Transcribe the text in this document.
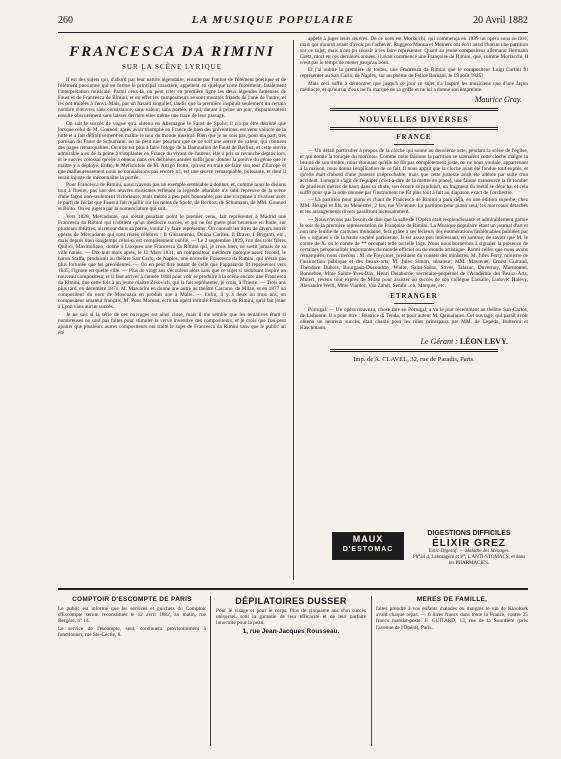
260	LA MUSIQUE POPULAIRE	20 Avril 1882
FRANCESCA DA RIMINI
SUR LA SCÈNE LYRIQUE

Il est des sujets qui, d'abord par leur nature légendaire, ensuite par l'union de l'élément poétique et de l'élément passionné qui en forme le principal caractère, appellent en quelque sorte forcément, fatalement l'interprétation musicale. Parmi ceux-là, on peut citer en première ligne les deux légendes fameuses de Faust et de Francesca de Rimini, et en effet les compositeurs se sont montrés friands de l'une de l'autre, et les ont traitées à l'envi. Mais, par un hasard singulier, tandis que la première inspirait seulement un certain nombre d'œuvres sans consistance, sans valeur, sans portée, et qui, durant à peine un jour, disparaissaient ensuite obscurément sans laisser derrière elles même une trace de leur passage.

On sait le succès de vogue qu'a obtenu en Allemagne le Faust de Spohr; il n'a pu être détrôné que lorsque celui de M. Gounod, après avoir triomphé en France de bien des préventions, est venu vaincre de la lutte et a fait définitivement en maître le tour du monde musical. Bien que je ne sois pas, pour ma part, très partisan du Faust de Schumann, on ne peut nier pourtant que ce ne soit une œuvre de valeur, qui contient des pages remarquables. On n'en est plus à faire l'éloge de la Damnation de Faust de Berlioz, et cette œuvre admirable a eu de la peine à s'implanter en France du vivant de l'auteur, elle a pris sa revanche depuis lors, et le succès colossal qu'elle a obtenu dans ces dernières années suffit pour donner la preuve du génie que le maître y a déployé. Enfin, le Mefistofele de M. Arrigo Boito, qui est en train de faire son tour d'Europe et que malheureusement nous ne connaissons pas encore ici, est une œuvre remarquable, puissante, et dont il serait injuste de méconnaître la portée.

Pour Francesca de Rimini, nous n'avons pas un exemple semblable à donner, et, comme nous le disions tout à l'heure, pas une des œuvres musicales reflétant la légende adorable n'a subi l'épreuve de la scène d'une façon non-seulement victorieuse, mais même à peu près honorable, pas une n'a pensé à rivaliser avec le parti de l'éclat que Faust a fait rejaillir sur les noms de Spohr, de Berlioz, de Schumann, de MM. Gounod et Boïto. On en jugera par la nomenclature qui suit.

Vers 1828, Mercadante, qui n'était pourtant point le premier venu, fait représenter à Madrid une Francesca da Rimini qui n'obtient qu'un médiocre succès, et qui ne fut guère plus heureuse en Italie, sur plusieurs théâtres, au retour dans sa patrie, voulut l'y faire représenter. On connaît les titres de divers autres opéras de Mercadante qui sont restés célèbres : Il Giuramento, Donna Caritea, Il Bravo, I Briganti, etc., mais depuis bien longtemps celui-ci est complètement oublié. — Le 2 septembre 1829, l'un des trois frères Quilici, Maximiliano, donne à Lucques une Francesca da Rimini qui, je crois bien, ne sortit jamais de sa ville natale. — Dix-huit mois après, le 12 Mars 1831, un compositeur médiocre quoique assez fécond, le baron Staffa, produisait au théâtre San Carlo, de Naples, une nouvelle Francesca da Rimini, qui n'était pas plus fortunée que les précédentes. — On en peut dire autant de celle que Pappalardo fit représenter vers 1845, l'ignore en quelle ville. — Plus de vingt ans s'écoulent alors sans que ce sujet si séduisant inspire un nouveau compositeur, et il faut arriver à l'année 1868 pour voir se produire à la scène encore une Francesca da Rimini, due cette fois à un jeune maître Zesovich, qui la fait représenter, je crois, à Trieste. — Trois ans plus tard, en décembre 1871, M. Marcarini en donne une autre au théâtre Carcano, de Milan, et en 1877 un compositeur du nom de Moscuzza en produit une à Malte. — Enfin, il y a deux ou trois ans, un compositeur amateur français, M. Pons Moreau, écrit un opéra intitulé Francesca da Rimini, qu'il fait jouer à Lyon vans aucun succès.

Je ne sais si la série de ces ouvrages est ainsi close, mais il me semble que les tentatives étant si nombreuses ne sont pas faites pour stimuler la verve inventive des compositeurs, et je crois que l'on peut ajouter que plusieurs autres compositeurs ont traité le sujet de Francesca da Rimini sans que le public ait été

appelé à juger leurs œuvres. De ce nom est Morlacchi, qui commença en 1839 un opéra sous ce titre, mais qui mourut avant d'avoir pu l'achever. Ruggero Manna et Meiners ont écrit aussi chacun une partition sur ce sujet, mais n'ont pu réussir à les faire représenter. Quant au jeune compositeur allemand Hermann Gœtz, mort en ces dernières années, il avait commencé une Françoise de Rimini, que, comme Morlacchi, il n'eut pas le temps de mener jusqu'au bout.

Et j'ai oublié la première de toutes, une Francesca da Rimini que le compositeur Luigi Carlini fit représenter au San Carlo, de Naples, sur un poème de Felice Romani, le 19 août 1825!

Mais ceci suffit à démontrer que jusqu'à ce jour ce sujet n'a inspiré les musiciens que d'une façon médiocre, et qu'aucun d'eux ne l'a marqué de sa griffe et ne lui a donné son empreinte.

Maurice Gray.
NOUVELLES DIVERSES
FRANCE

— Un détail particulier à propos de la cloche qui sonne au deuxième acte, pendant la scène de l'église, et qui donne la tonique du morceau. Comme nous faisions la partition se sonnaient cette cloche malgré la beauté de son timbre, nous étonnant qu'elle ne fût pas complètement juste, on ne nous voulaie, appartenant à la maison, nous donna l'explication de ce fait. Il nous apprit que la cloche avait été fondue tout exprès, et qu'elle était d'abord d'une justesse irréprochable, mais que cette justesse avait été altérée par suite d'un accident. Lorsqu'il s'agit de l'équiper (c'est-à-dire de la mettre en place), une fausse manœuvre la fit tomber de plusieurs mètres de haut; dans sa chute, son écorce se produisit, un fragment du métal se détacha, et cela suffit pour que la note donnée par l'instrument ne fût plus tout à fait au diapason exact de l'orchestre.

— La partition pour piano et chant de Francesca de Rimini a paru déjà, en une édition superbe, chez MM. Heugel et fils, au Ménestrel, 2 bis, rue Vivienne. La partition pour piano seul, les morceaux détachés et les arrangements divers paraîtront incessamment.

— Nous n'avons pas besoin de dire que la salle de l'Opéra était resplendissante et admirablement garnie le soir de la première représentation de Françoise de Rimini. La Musique populaire étant un journal d'art et non une feuille de caravaes mondaine, fera grâce à ses lecteurs des énumérations fashionables publiées par les « organes » de la haute société parisienne. Il est assez peu intéressant, en somme, de savoir que M. le comte de X. ou le comte de ** occupait telle ou telle loge. Nous nous bornerons à signaler la présence de certaines personnalités importantes du monde officiel ou du monde artistique. Parmi celles que nous avons remarquées, nous citerons : M. de Freycinet, président du conseil des ministres; M. Jules Ferry, ministre de l'instruction publique et des beaux-arts; M. Jules Simon, sénateur; MM. Massenet, Ernest Guiraud, Théodore Dubois, Bourgault-Ducoudray, Widor, Saint-Saëns, Stiver, Talazac, Duvernoy, Marmontel, Bonnehée, Mme Sainte-Yves-Bax, Henri Delaborde, secrétaire-perpétuel de l'Académie des Beaux-Arts, Muteri, revenu tout exprès de Milan pour assister au succès de son collègue Lassalle, Ludovic Halévy, Alexandre Weill, Mme Viardot, Van Zandt, Sembr...ch, Marquet, etc.

ETRANGER

Portugal. — Un opéra nouveau, chose rare en Portugal, a vu le jour récemment au théâtre San-Carlos, de Lisbonne. Il a pour titre : Beatrice di Tenda, et pour auteur M. Quinaranes. Cet ouvrage, qui paraît avoir obtenu un heureux succès, était chanté pour les rôles principaux par MM. de Cepeda, Bulterini et Kaschmann.

Le Gérant : LÉON LEVY.
Imp. de A. CLAVEL, 32, rue de Paradis, Paris.
MAUX
D'ESTOMAC
DIGESTIONS DIFFICILES
ÉLIXIR GREZ
Tonic-Digestif. — Maladie des Ménages.
Ph°34 4, Laboragère et P°, L'ANTI-STOMACS, et dans les PHARMACIES.
COMPTOIR D'ESCOMPTE DE PARIS

Le public est informé que les services et guichets du Comptoir d'Escompte seront reconstitués le 12 avril 1882, au matin, rue Bergère, n° 14.

Le service de l'escompte, seul, continuera provisoirement à fonctionner, rue Ste-Cécile, 8.

DÉPILATOIRES DUSSER

Pour le visage et pour le corps. Plus de cinquante ans d'un succès universel, sont la garantie de leur efficacité et de leur parfaite innocuité pour la peau.

1, rue Jean-Jacques Rousseau.
MÈRES DE FAMILLE,

faites prendre à vos enfants malades ou maigres le vin de Kinobark avant chaque repas. — 6 litres francs dans toute la France, contre 25 francs mandat-poste. F. GUITARD, 13, rue de la Sourdière (près l'avenue de l'Opéra), Paris.
